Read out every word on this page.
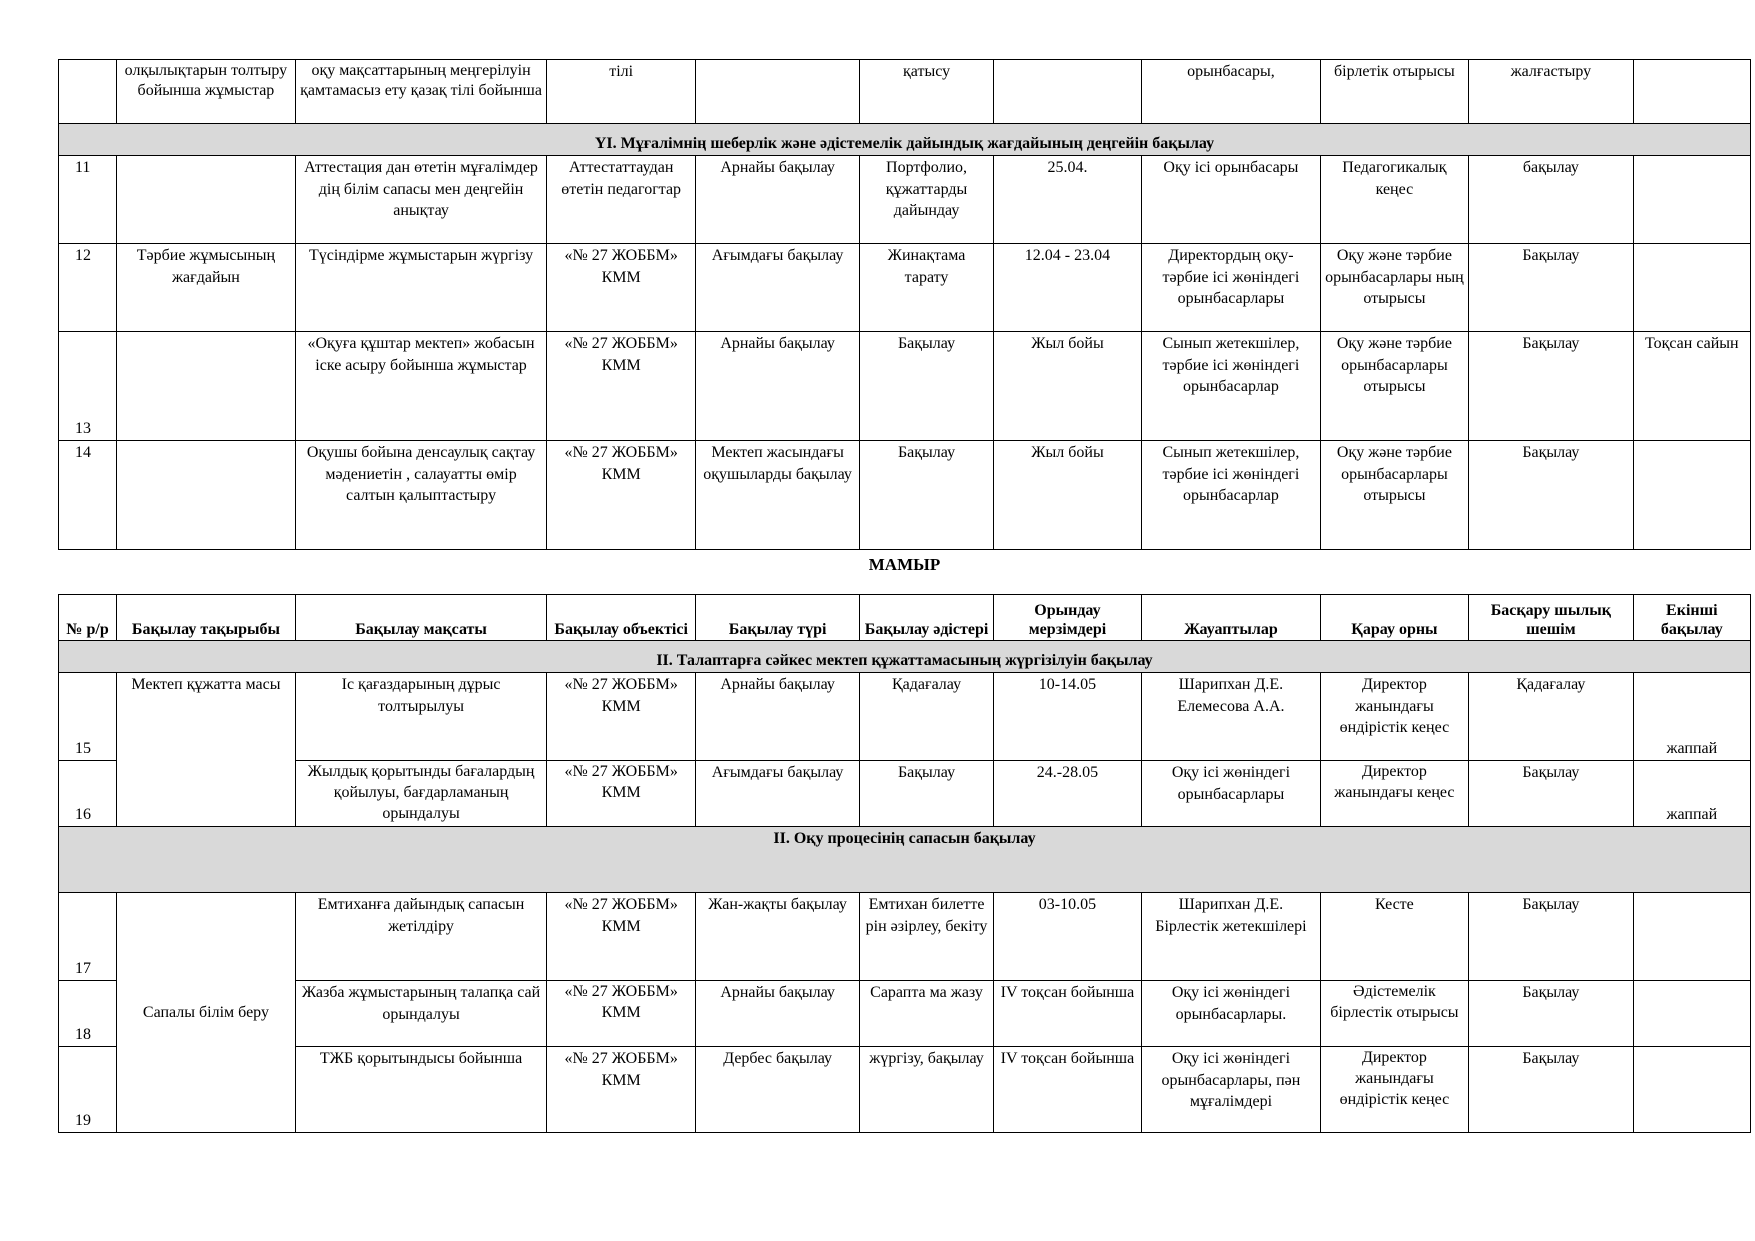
	олқылықтарын толтыру бойынша жұмыстар	оқу мақсаттарының меңгерілуін қамтамасыз ету қазақ тілі бойынша	тілі		қатысу		орынбасары,	бірлетік отырысы	жалғастыру	
ҮІ. Мұғалімнің шеберлік және әдістемелік дайындық жағдайының деңгейін бақылау										
11		Аттестация дан өтетін мұғалімдер дің білім сапасы мен деңгейін анықтау	Аттестаттаудан өтетін педагогтар	Арнайы бақылау	Портфолио, құжаттарды дайындау	25.04.	Оқу ісі орынбасары	Педагогикалық кеңес	бақылау	
12	Тәрбие жұмысының жағдайын	Түсіндірме жұмыстарын жүргізу	«№ 27 ЖОББМ» КММ	Ағымдағы бақылау	Жинақтама тарату	12.04 - 23.04	Директордың оқу-тәрбие ісі жөніндегі орынбасарлары	Оқу және тәрбие орынбасарлары ның отырысы	Бақылау	
13		«Оқуға құштар мектеп» жобасын іске асыру бойынша жұмыстар	«№ 27 ЖОББМ» КММ	Арнайы бақылау	Бақылау	Жыл бойы	Сынып жетекшілер, тәрбие ісі жөніндегі орынбасарлар	Оқу және тәрбие орынбасарлары отырысы	Бақылау	Тоқсан сайын
14		Оқушы бойына денсаулық сақтау мәдениетін , салауатты өмір салтын қалыптастыру	«№ 27 ЖОББМ» КММ	Мектеп жасындағы оқушыларды бақылау	Бақылау	Жыл бойы	Сынып жетекшілер, тәрбие ісі жөніндегі орынбасарлар	Оқу және тәрбие орынбасарлары отырысы	Бақылау	
МАМЫР
№ р/р	Бақылау тақырыбы	Бақылау мақсаты	Бақылау объектісі	Бақылау түрі	Бақылау әдістері	Орындау мерзімдері	Жауаптылар	Қарау орны	Басқару шылық шешім	Екінші бақылау
ІІ. Талаптарға сәйкес мектеп құжаттамасының жүргізілуін бақылау										
15	Мектеп құжатта масы	Іс қағаздарының дұрыс толтырылуы	«№ 27 ЖОББМ» КММ	Арнайы бақылау	Қадағалау	10-14.05	Шарипхан Д.Е. Елемесова А.А.	Директор жанындағы өндірістік кеңес	Қадағалау	жаппай
16		Жылдық қорытынды бағалардың қойылуы, бағдарламаның орындалуы	«№ 27 ЖОББМ» КММ	Ағымдағы бақылау	Бақылау	24.-28.05	Оқу ісі жөніндегі орынбасарлары	Директор жанындағы кеңес	Бақылау	жаппай
ІІ. Оқу процесінің сапасын бақылау										
17	Сапалы білім беру	Емтиханға дайындық сапасын жетілдіру	«№ 27 ЖОББМ» КММ	Жан-жақты бақылау	Емтихан билетте рін әзірлеу, бекіту	03-10.05	Шарипхан Д.Е. Бірлестік жетекшілері	Кесте	Бақылау	
18		Жазба жұмыстарының талапқа сай орындалуы	«№ 27 ЖОББМ» КММ	Арнайы бақылау	Сарапта ма жазу	ІV тоқсан бойынша	Оқу ісі жөніндегі орынбасарлары.	Әдістемелік бірлестік отырысы	Бақылау	
19		ТЖБ қорытындысы бойынша	«№ 27 ЖОББМ» КММ	Дербес бақылау	жүргізу, бақылау	ІV тоқсан бойынша	Оқу ісі жөніндегі орынбасарлары, пән мұғалімдері	Директор жанындағы өндірістік кеңес	Бақылау	
